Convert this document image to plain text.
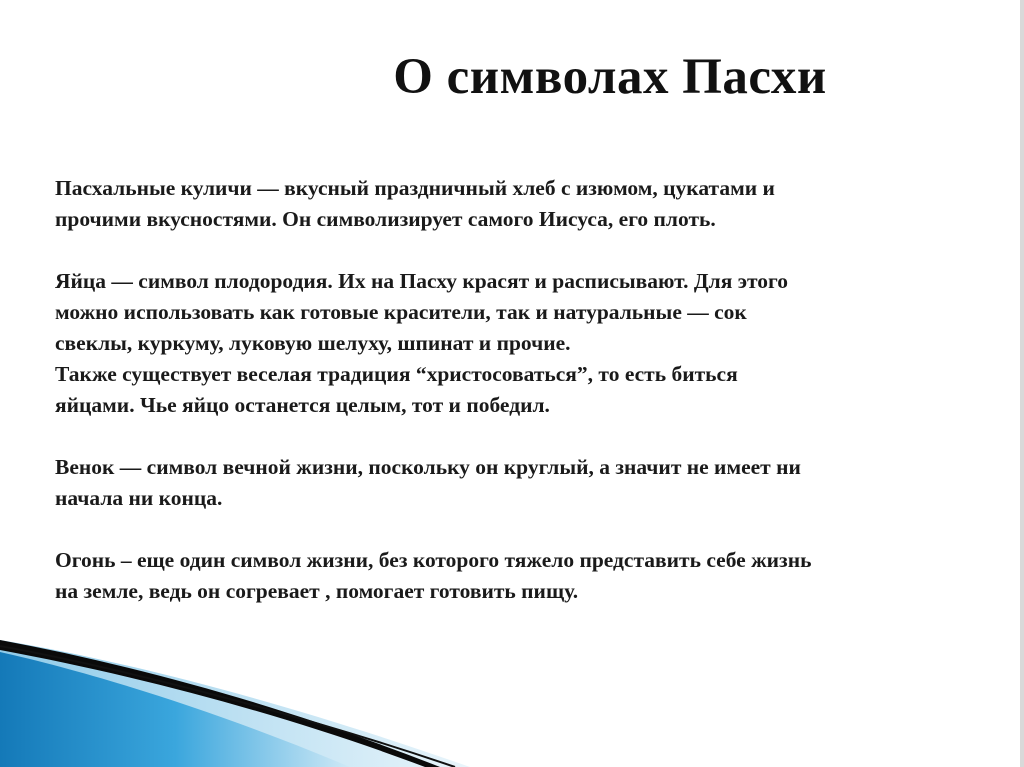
О символах Пасхи

Пасхальные куличи — вкусный праздничный хлеб с изюмом, цукатами и
прочими вкусностями. Он символизирует самого Иисуса, его плоть.

Яйца — символ плодородия. Их на Пасху красят и расписывают. Для этого
можно использовать как готовые красители, так и натуральные — сок
свеклы, куркуму, луковую шелуху, шпинат и прочие.
Также существует веселая традиция “христосоваться”, то есть биться
яйцами. Чье яйцо останется целым, тот и победил.

Венок — символ вечной жизни, поскольку он круглый, а значит не имеет ни
начала ни конца.

Огонь – еще один символ жизни, без которого тяжело представить себе жизнь
на земле, ведь он согревает , помогает готовить пищу.
